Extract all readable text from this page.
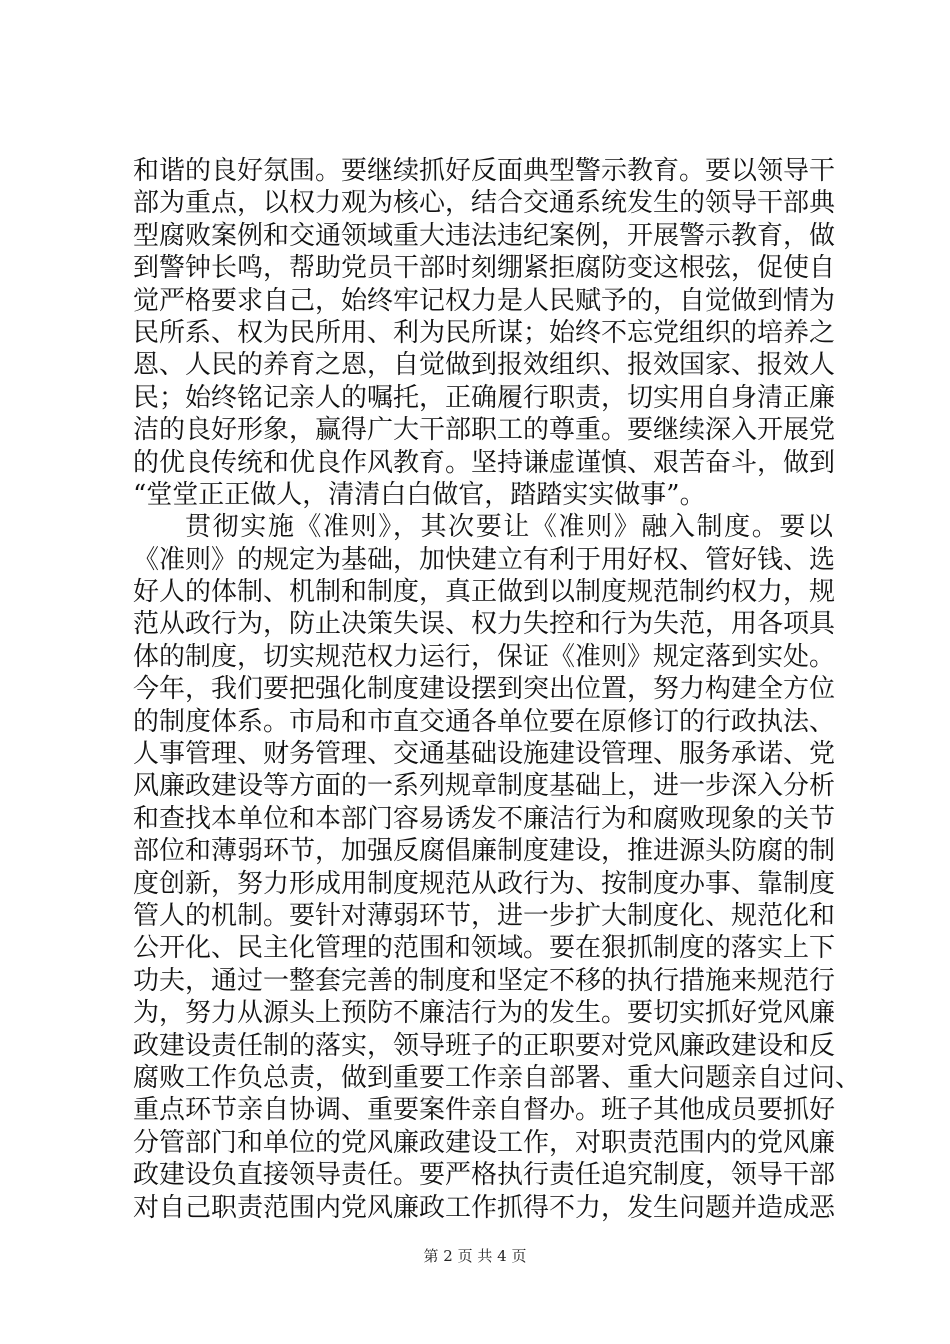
和谐的良好氛围。要继续抓好反面典型警示教育。要以领导干
部为重点，以权力观为核心，结合交通系统发生的领导干部典
型腐败案例和交通领域重大违法违纪案例，开展警示教育，做
到警钟长鸣，帮助党员干部时刻绷紧拒腐防变这根弦，促使自
觉严格要求自己，始终牢记权力是人民赋予的，自觉做到情为
民所系、权为民所用、利为民所谋；始终不忘党组织的培养之
恩、人民的养育之恩，自觉做到报效组织、报效国家、报效人
民；始终铭记亲人的嘱托，正确履行职责，切实用自身清正廉
洁的良好形象，赢得广大干部职工的尊重。要继续深入开展党
的优良传统和优良作风教育。坚持谦虚谨慎、艰苦奋斗，做到
“堂堂正正做人，清清白白做官，踏踏实实做事”。
贯彻实施《准则》，其次要让《准则》融入制度。要以
《准则》的规定为基础，加快建立有利于用好权、管好钱、选
好人的体制、机制和制度，真正做到以制度规范制约权力，规
范从政行为，防止决策失误、权力失控和行为失范，用各项具
体的制度，切实规范权力运行，保证《准则》规定落到实处。
今年，我们要把强化制度建设摆到突出位置，努力构建全方位
的制度体系。市局和市直交通各单位要在原修订的行政执法、
人事管理、财务管理、交通基础设施建设管理、服务承诺、党
风廉政建设等方面的一系列规章制度基础上，进一步深入分析
和查找本单位和本部门容易诱发不廉洁行为和腐败现象的关节
部位和薄弱环节，加强反腐倡廉制度建设，推进源头防腐的制
度创新，努力形成用制度规范从政行为、按制度办事、靠制度
管人的机制。要针对薄弱环节，进一步扩大制度化、规范化和
公开化、民主化管理的范围和领域。要在狠抓制度的落实上下
功夫，通过一整套完善的制度和坚定不移的执行措施来规范行
为，努力从源头上预防不廉洁行为的发生。要切实抓好党风廉
政建设责任制的落实，领导班子的正职要对党风廉政建设和反
腐败工作负总责，做到重要工作亲自部署、重大问题亲自过问、
重点环节亲自协调、重要案件亲自督办。班子其他成员要抓好
分管部门和单位的党风廉政建设工作，对职责范围内的党风廉
政建设负直接领导责任。要严格执行责任追究制度，领导干部
对自己职责范围内党风廉政工作抓得不力，发生问题并造成恶
第 2 页 共 4 页
